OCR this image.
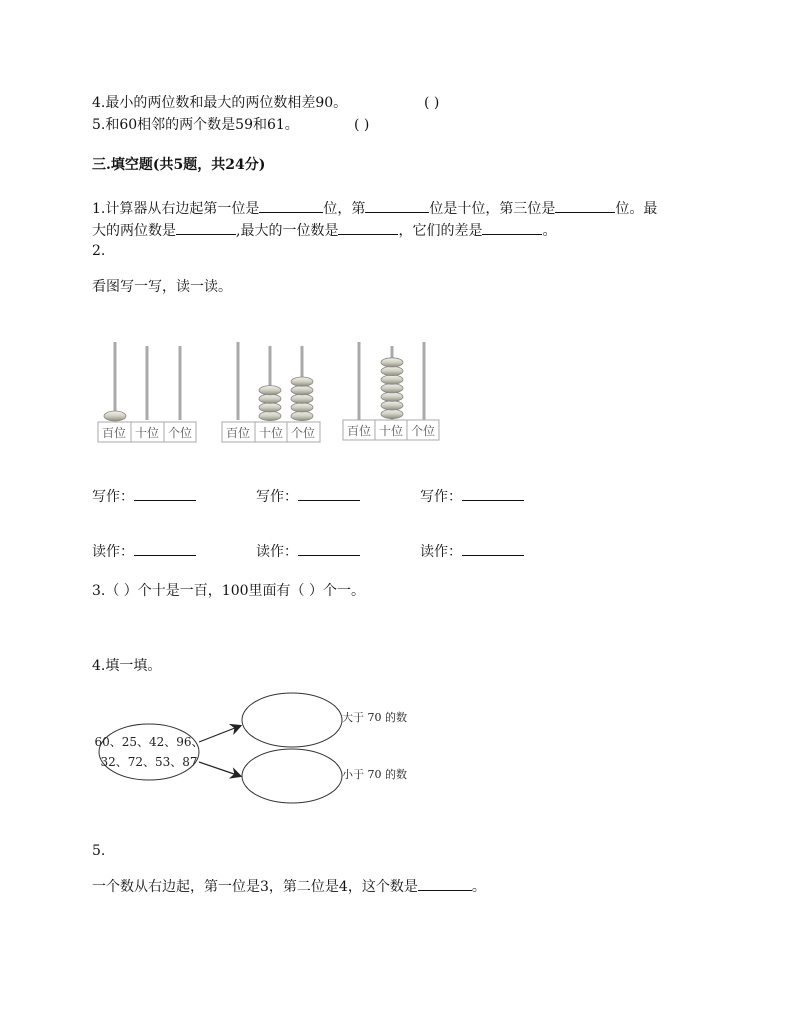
4.最小的两位数和最大的两位数相差90。	( )
5.和60相邻的两个数是59和61。	( )
三.填空题(共5题，共24分)
1.计算器从右边起第一位是	位，第	位是十位，第三位是	位。最
大的两位数是	,最大的一位数是	，它们的差是	。
2.
看图写一写，读一读。
百位 十位 个位	百位 十位 个位	百位 十位 个位
写作：	写作：	写作：
读作：	读作：	读作：
3.（ ）个十是一百，100里面有（ ）个一。
4.填一填。
60、25、42、96、
32、72、53、87
大于 70 的数
小于 70 的数
5.
一个数从右边起，第一位是3，第二位是4，这个数是	。
